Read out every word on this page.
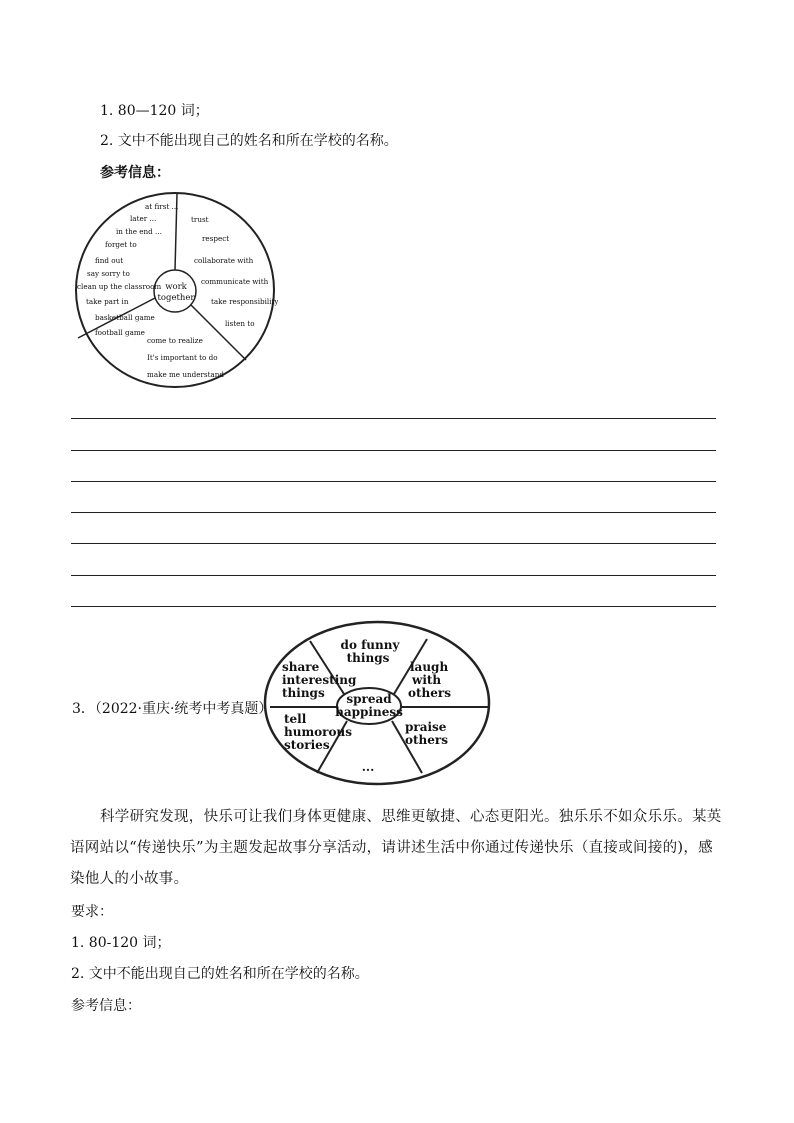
1. 80—120 词；
2. 文中不能出现自己的姓名和所在学校的名称。
参考信息：
work
together
at first ...
later ...
in the end ...
forget to
find out
say sorry to
clean up the classroom
take part in
basketball game
football game
trust
respect
collaborate with
communicate with
take responsibility
listen to
come to realize
It's important to do
make me understand
3．（2022·重庆·统考中考真题）
spread
happiness
do funny
things
laugh
with
others
praise
others
...
tell
humorous
stories
share
interesting
things
科学研究发现，快乐可让我们身体更健康、思维更敏捷、心态更阳光。独乐乐不如众乐乐。某英语网站以“传递快乐”为主题发起故事分享活动，请讲述生活中你通过传递快乐（直接或间接的)，感染他人的小故事。
要求：
1. 80-120 词；
2. 文中不能出现自己的姓名和所在学校的名称。
参考信息：
